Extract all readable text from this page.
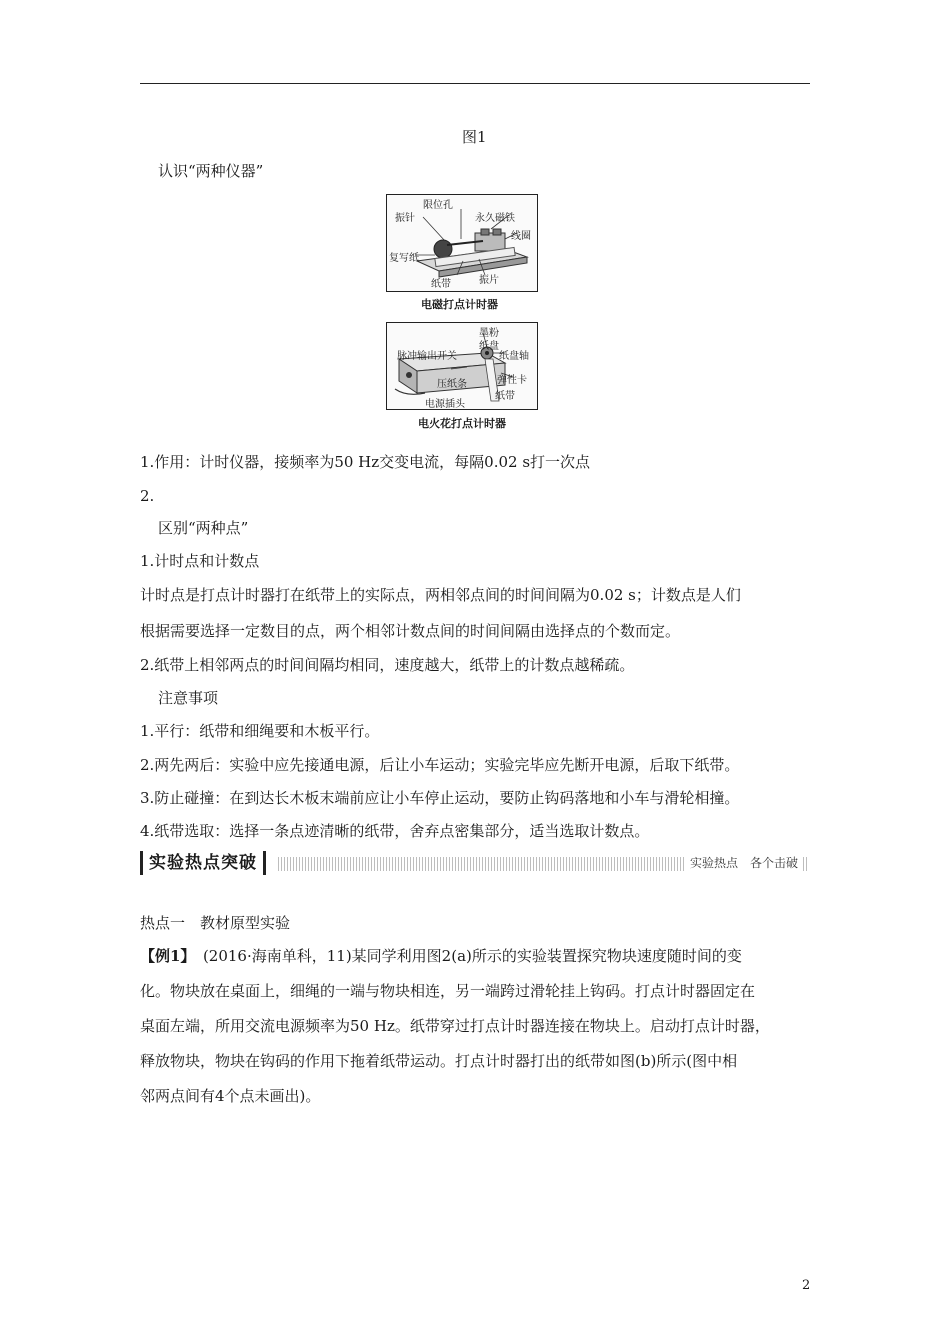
图1
认识“两种仪器”
限位孔
振针	永久磁铁
线圈
复写纸
纸带	振片
电磁打点计时器
墨粉
纸盘
脉冲输出开关	纸盘轴
压纸条	弹性卡
纸带
电源插头
电火花打点计时器
1.作用：计时仪器，接频率为50 Hz交变电流，每隔0.02 s打一次点
2.
区别“两种点”
1.计时点和计数点
计时点是打点计时器打在纸带上的实际点，两相邻点间的时间间隔为0.02 s；计数点是人们
根据需要选择一定数目的点，两个相邻计数点间的时间间隔由选择点的个数而定。
2.纸带上相邻两点的时间间隔均相同，速度越大，纸带上的计数点越稀疏。
注意事项
1.平行：纸带和细绳要和木板平行。
2.两先两后：实验中应先接通电源，后让小车运动；实验完毕应先断开电源，后取下纸带。
3.防止碰撞：在到达长木板末端前应让小车停止运动，要防止钩码落地和小车与滑轮相撞。
4.纸带选取：选择一条点迹清晰的纸带，舍弃点密集部分，适当选取计数点。
实验热点突破	实验热点　各个击破
热点一　教材原型实验
【例1】　(2016·海南单科，11)某同学利用图2(a)所示的实验装置探究物块速度随时间的变
化。物块放在桌面上，细绳的一端与物块相连，另一端跨过滑轮挂上钩码。打点计时器固定在
桌面左端，所用交流电源频率为50 Hz。纸带穿过打点计时器连接在物块上。启动打点计时器，
释放物块，物块在钩码的作用下拖着纸带运动。打点计时器打出的纸带如图(b)所示(图中相
邻两点间有4个点未画出)。
2
